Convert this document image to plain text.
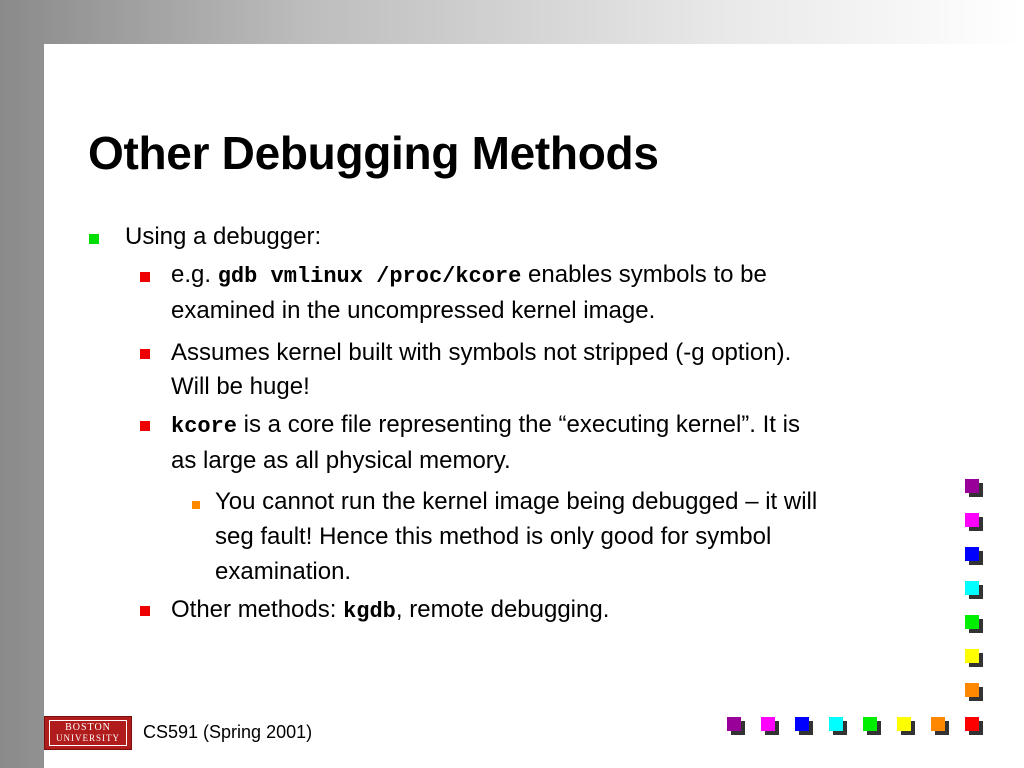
Other Debugging Methods
Using a debugger:
e.g. gdb vmlinux /proc/kcore enables symbols to be
examined in the uncompressed kernel image.
Assumes kernel built with symbols not stripped (-g option).
Will be huge!
kcore is a core file representing the “executing kernel”. It is
as large as all physical memory.
You cannot run the kernel image being debugged – it will
seg fault! Hence this method is only good for symbol
examination.
Other methods: kgdb, remote debugging.
BOSTON
UNIVERSITY CS591 (Spring 2001)
